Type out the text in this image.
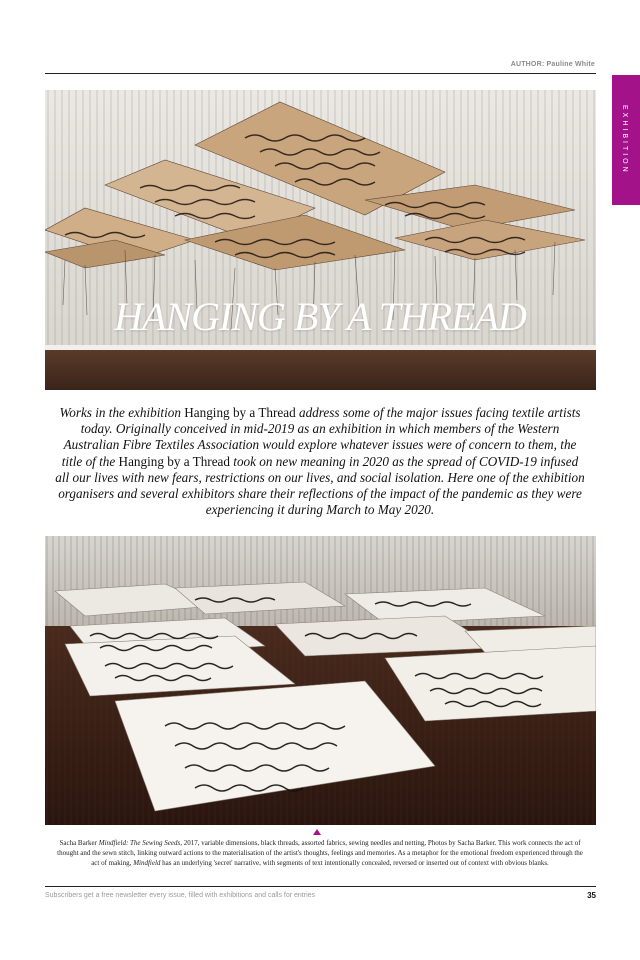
AUTHOR: Pauline White
EXHIBITION
HANGING BY A THREAD
Works in the exhibition Hanging by a Thread address some of the major issues facing textile artists today. Originally conceived in mid-2019 as an exhibition in which members of the Western Australian Fibre Textiles Association would explore whatever issues were of concern to them, the title of the Hanging by a Thread took on new meaning in 2020 as the spread of COVID-19 infused all our lives with new fears, restrictions on our lives, and social isolation. Here one of the exhibition organisers and several exhibitors share their reflections of the impact of the pandemic as they were experiencing it during March to May 2020.
Sacha Barker Mindfield: The Sewing Seeds, 2017, variable dimensions, black threads, assorted fabrics, sewing needles and netting, Photos by Sacha Barker. This work connects the act of thought and the sewn stitch, linking outward actions to the materialisation of the artist's thoughts, feelings and memories. As a metaphor for the emotional freedom experienced through the act of making, Mindfield has an underlying 'secret' narrative, with segments of text intentionally concealed, reversed or inserted out of context with obvious blanks.
Subscribers get a free newsletter every issue, filled with exhibitions and calls for entries	35
